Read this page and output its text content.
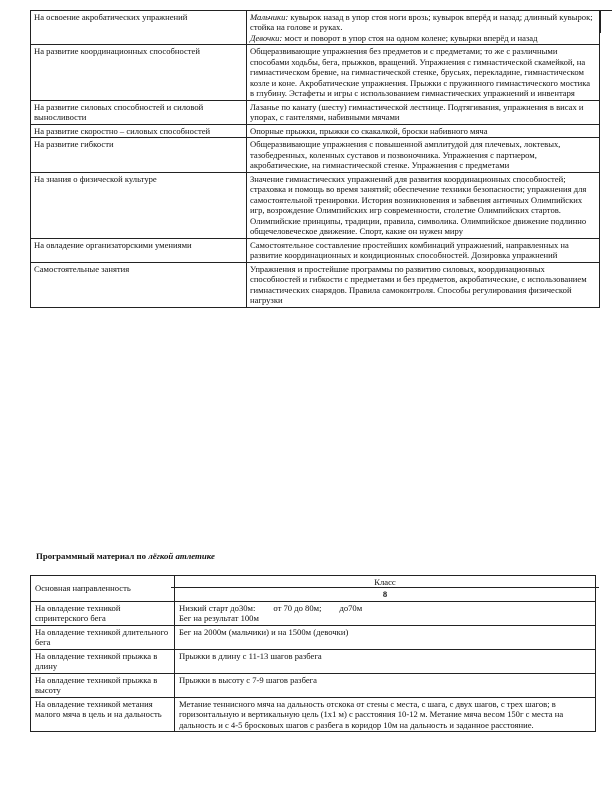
На освоение акробатических упражнений	Мальчики: кувырок назад в упор стоя ноги врозь; кувырок вперёд и назад; длинный кувырок; стойка на голове и руках.
Девочки: мост и поворот в упор стоя на одном колене; кувырки вперёд и назад

На развитие координационных способностей	Общеразвивающие упражнения без предметов и с предметами; то же с различными способами ходьбы, бега, прыжков, вращений. Упражнения с гимнастической скамейкой, на гимнастическом бревне, на гимнастической стенке, брусьях, перекладине, гимнастическом козле и коне. Акробатические упражнения. Прыжки с пружинного гимнастического мостика в глубину. Эстафеты и игры с использованием гимнастических упражнений и инвентаря
На развитие силовых способностей и силовой выносливости	Лазанье по канату (шесту) гимнастической лестнице. Подтягивания, упражнения в висах и упорах, с гантелями, набивными мячами
На развитие скоростно – силовых способностей	Опорные прыжки, прыжки со скакалкой, броски набивного мяча
На развитие гибкости	Общеразвивающие упражнения с повышенной амплитудой для плечевых, локтевых, тазобедренных, коленных суставов и позвоночника. Упражнения с партнером, акробатические, на гимнастической стенке. Упражнения с предметами
На знания о физической культуре	Значение гимнастических упражнений для развития координационных способностей; страховка и помощь во время занятий; обеспечение техники безопасности; упражнения для самостоятельной тренировки. История возникновения и забвения античных Олимпийских игр, возрождение Олимпийских игр современности, столетие Олимпийских стартов. Олимпийские принципы, традиции, правила, символика. Олимпийское движение подлинно общечеловеческое движение. Спорт, какие он нужен миру
На овладение организаторскими умениями	Самостоятельное составление простейших комбинаций упражнений, направленных на развитие координационных и кондиционных способностей. Дозировка упражнений
Самостоятельные занятия	Упражнения и простейшие программы по развитию силовых, координационных способностей и гибкости с предметами и без предметов, акробатические, с использованием гимнастических снарядов. Правила самоконтроля. Способы регулирования физической нагрузки
Программный материал по лёгкой атлетике
Основная направленность	Класс
8

На овладение техникой спринтерского бега	Низкий старт до30м: от 70 до 80м; до70м
Бег на результат 100м
На овладение техникой длительного бега	Бег на 2000м (мальчики) и на 1500м (девочки)
На овладение техникой прыжка в длину	Прыжки в длину с 11-13 шагов разбега
На овладение техникой прыжка в высоту	Прыжки в высоту с 7-9 шагов разбега
На овладение техникой метания малого мяча в цель и на дальность	Метание теннисного мяча на дальность отскока от стены с места, с шага, с двух шагов, с трех шагов; в горизонтальную и вертикальную цель (1х1 м) с расстояния 10-12 м. Метание мяча весом 150г с места на дальность и с 4-5 бросковых шагов с разбега в коридор 10м на дальность и заданное расстояние.
